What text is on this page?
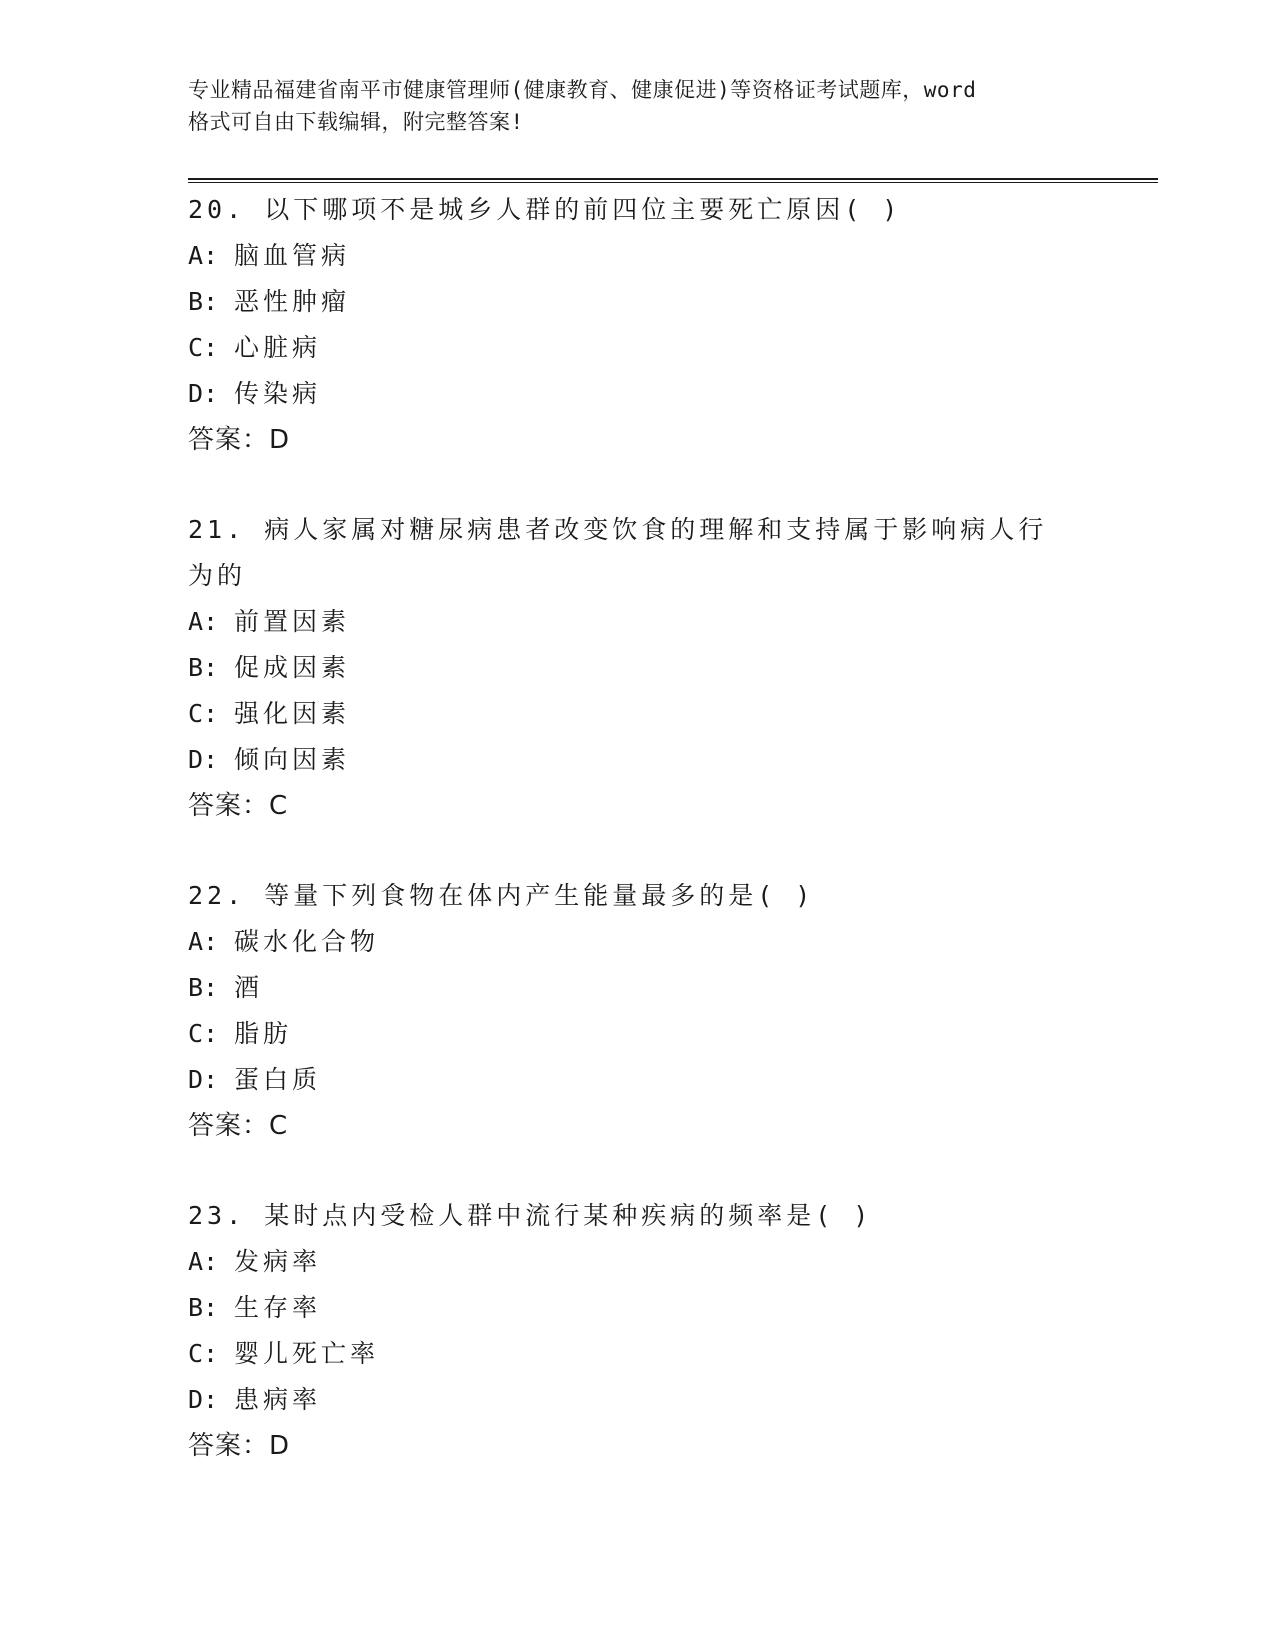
专业精品福建省南平市健康管理师(健康教育、健康促进)等资格证考试题库，word
格式可自由下载编辑，附完整答案!
20. 以下哪项不是城乡人群的前四位主要死亡原因( )
A: 脑血管病
B: 恶性肿瘤
C: 心脏病
D: 传染病
答案：D
21. 病人家属对糖尿病患者改变饮食的理解和支持属于影响病人行为的
A: 前置因素
B: 促成因素
C: 强化因素
D: 倾向因素
答案：C
22. 等量下列食物在体内产生能量最多的是( )
A: 碳水化合物
B: 酒
C: 脂肪
D: 蛋白质
答案：C
23. 某时点内受检人群中流行某种疾病的频率是( )
A: 发病率
B: 生存率
C: 婴儿死亡率
D: 患病率
答案：D
